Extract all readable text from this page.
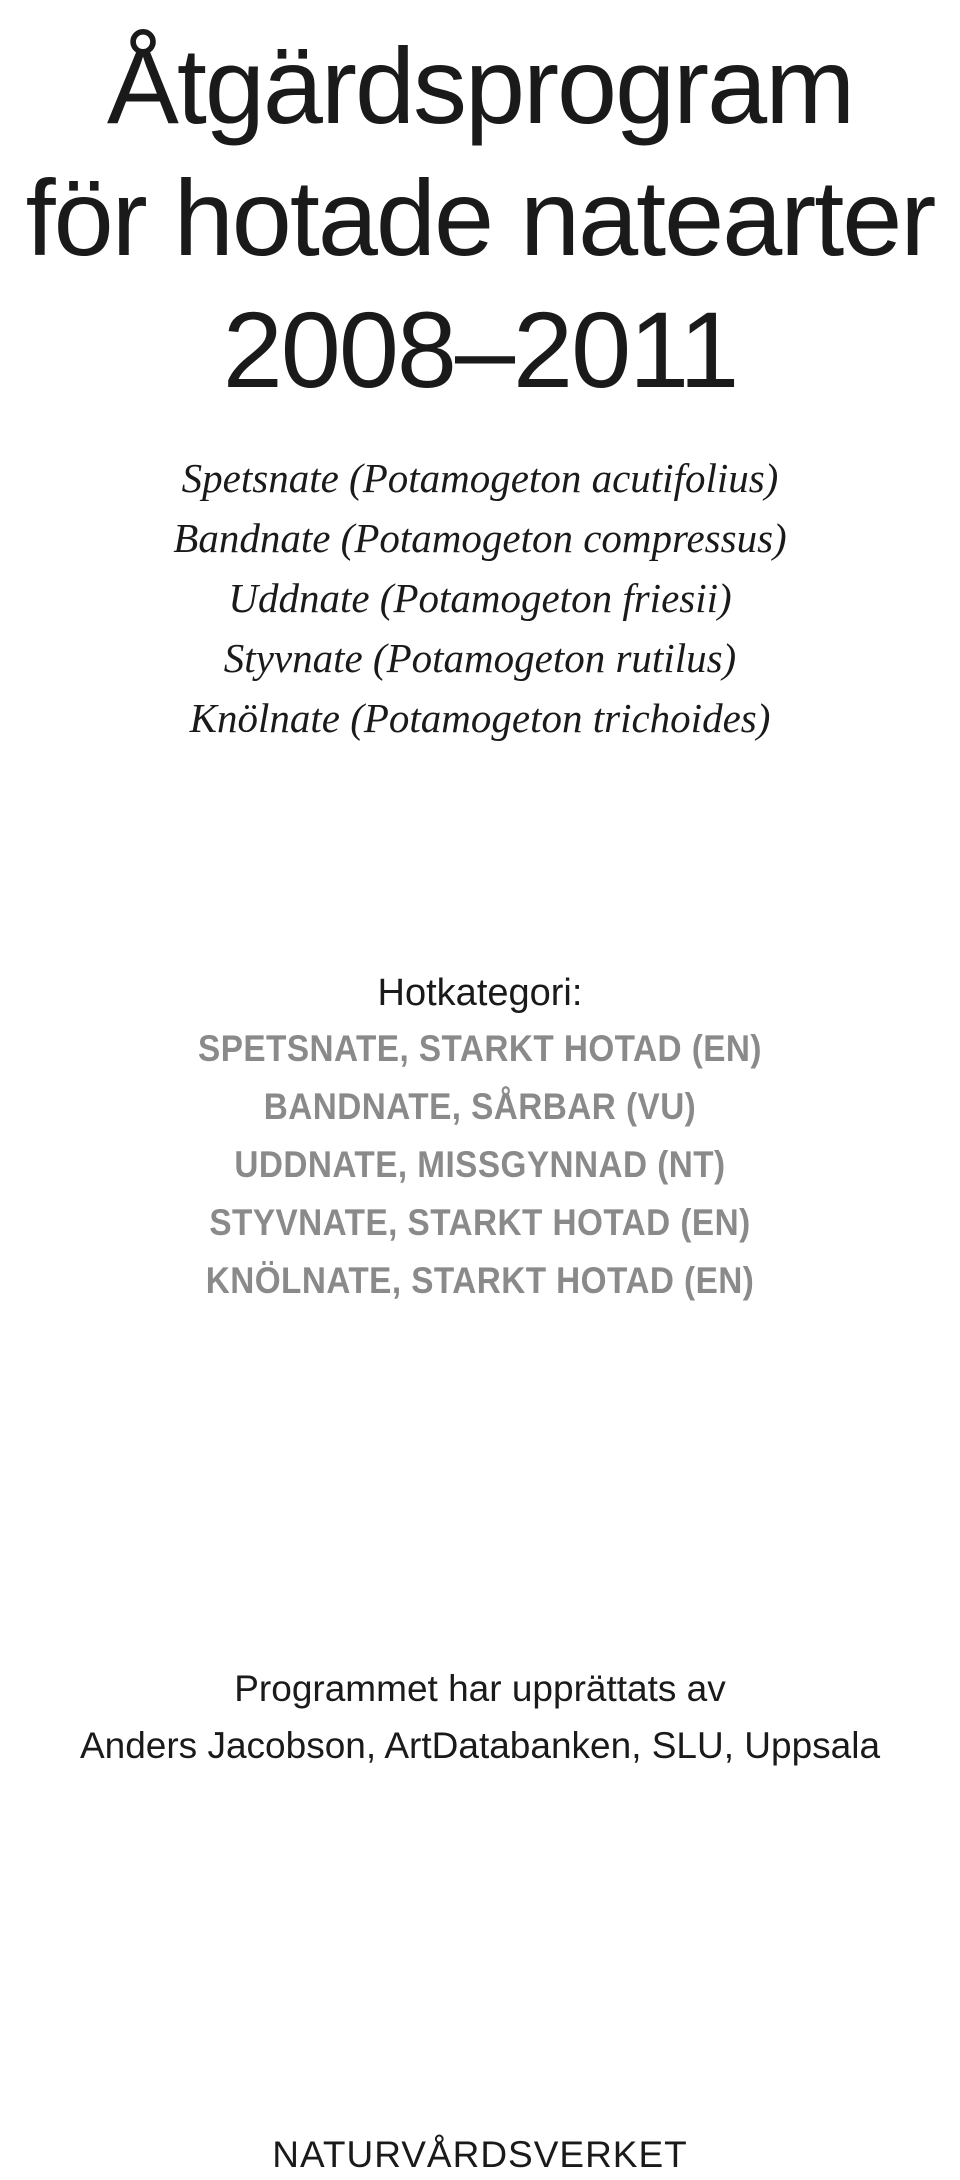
Åtgärdsprogram
för hotade natearter
2008–2011
Spetsnate (Potamogeton acutifolius)
Bandnate (Potamogeton compressus)
Uddnate (Potamogeton friesii)
Styvnate (Potamogeton rutilus)
Knölnate (Potamogeton trichoides)
Hotkategori:
SPETSNATE, STARKT HOTAD (EN)
BANDNATE, SÅRBAR (VU)
UDDNATE, MISSGYNNAD (NT)
STYVNATE, STARKT HOTAD (EN)
KNÖLNATE, STARKT HOTAD (EN)
Programmet har upprättats av
Anders Jacobson, ArtDatabanken, SLU, Uppsala
NATURVÅRDSVERKET
